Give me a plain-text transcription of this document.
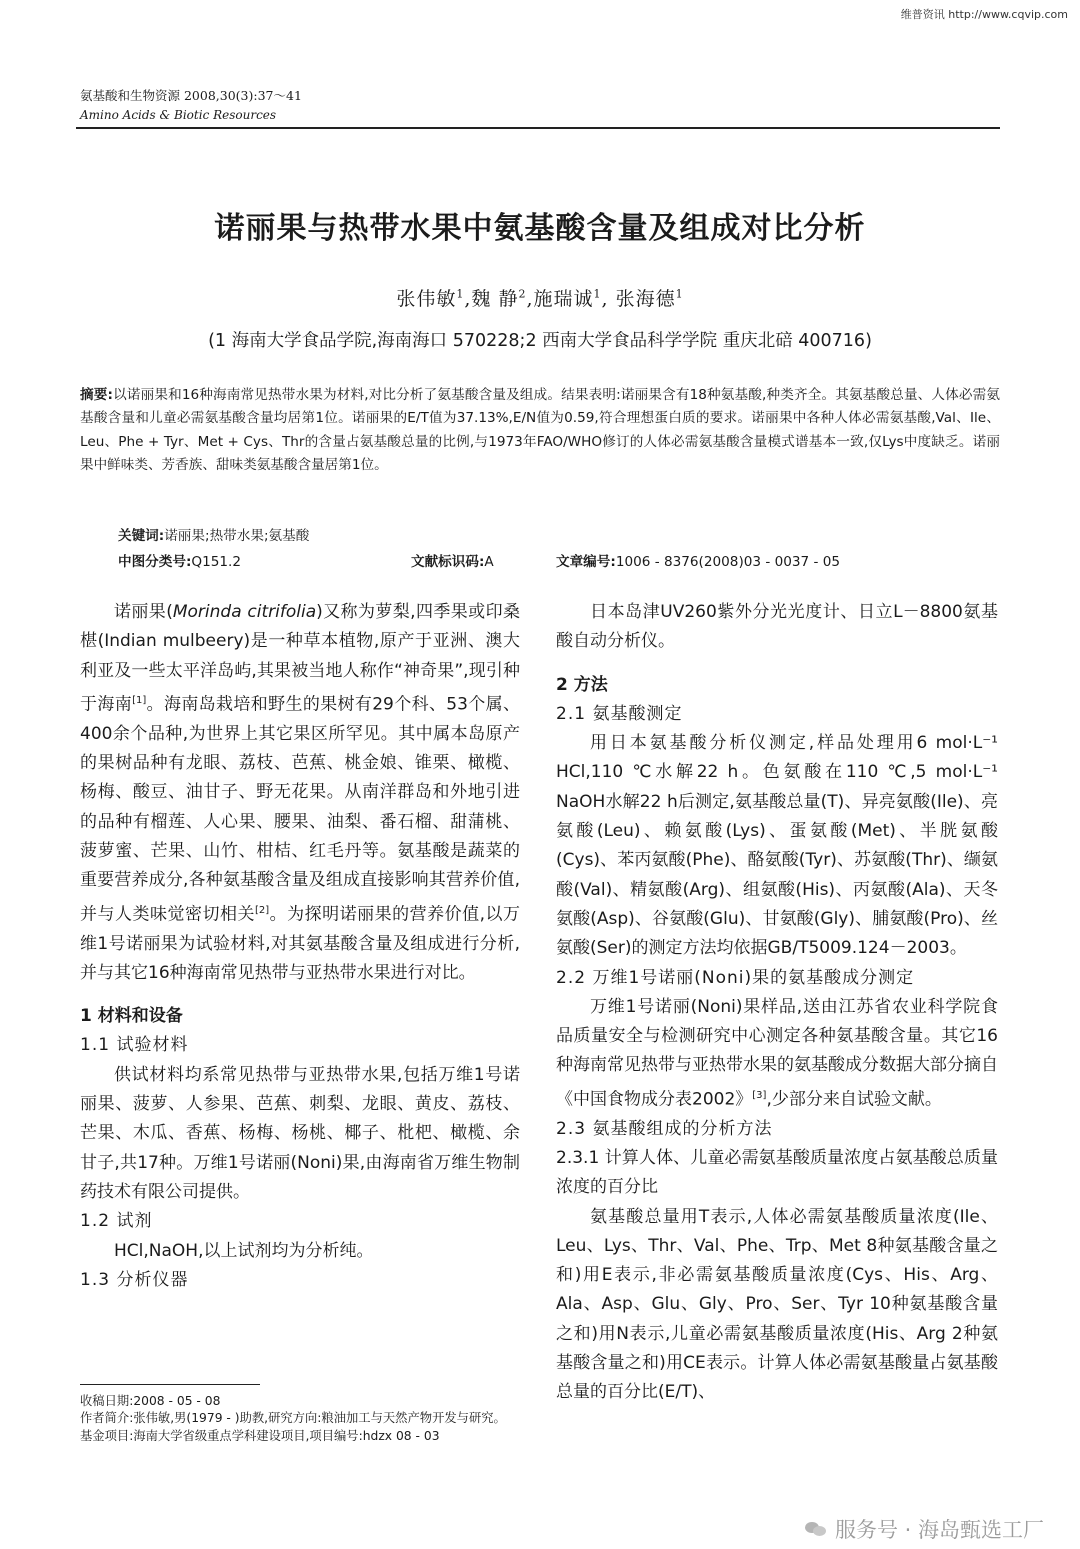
维普资讯 http://www.cqvip.com
氨基酸和生物资源 2008,30(3):37～41
Amino Acids & Biotic Resources
诺丽果与热带水果中氨基酸含量及组成对比分析
张伟敏$^1$,魏 静$^2$,施瑞诚$^1$, 张海德$^1$
(1 海南大学食品学院,海南海口 570228;2 西南大学食品科学学院 重庆北碚 400716)
摘要:以诺丽果和16种海南常见热带水果为材料,对比分析了氨基酸含量及组成。结果表明:诺丽果含有18种氨基酸,种类齐全。其氨基酸总量、人体必需氨基酸含量和儿童必需氨基酸含量均居第1位。诺丽果的E/T值为37.13%,E/N值为0.59,符合理想蛋白质的要求。诺丽果中各种人体必需氨基酸,Val、Ile、Leu、Phe + Tyr、Met + Cys、Thr的含量占氨基酸总量的比例,与1973年FAO/WHO修订的人体必需氨基酸含量模式谱基本一致,仅Lys中度缺乏。诺丽果中鲜味类、芳香族、甜味类氨基酸含量居第1位。
关键词:诺丽果;热带水果;氨基酸
中图分类号:Q151.2	文献标识码:A	文章编号:1006 - 8376(2008)03 - 0037 - 05

诺丽果(Morinda citrifolia)又称为萝梨,四季果或印桑椹(Indian mulbeery)是一种草本植物,原产于亚洲、澳大利亚及一些太平洋岛屿,其果被当地人称作“神奇果”,现引种于海南[1]。海南岛栽培和野生的果树有29个科、53个属、400余个品种,为世界上其它果区所罕见。其中属本岛原产的果树品种有龙眼、荔枝、芭蕉、桃金娘、锥栗、橄榄、杨梅、酸豆、油甘子、野无花果。从南洋群岛和外地引进的品种有榴莲、人心果、腰果、油梨、番石榴、甜蒲桃、菠萝蜜、芒果、山竹、柑桔、红毛丹等。氨基酸是蔬菜的重要营养成分,各种氨基酸含量及组成直接影响其营养价值,并与人类味觉密切相关[2]。为探明诺丽果的营养价值,以万维1号诺丽果为试验材料,对其氨基酸含量及组成进行分析,并与其它16种海南常见热带与亚热带水果进行对比。

1 材料和设备

1.1 试验材料

供试材料均系常见热带与亚热带水果,包括万维1号诺丽果、菠萝、人参果、芭蕉、刺梨、龙眼、黄皮、荔枝、芒果、木瓜、香蕉、杨梅、杨桃、椰子、枇杷、橄榄、余甘子,共17种。万维1号诺丽(Noni)果,由海南省万维生物制药技术有限公司提供。

1.2 试剂

HCl,NaOH,以上试剂均为分析纯。

1.3 分析仪器

日本岛津UV260紫外分光光度计、日立L－8800氨基酸自动分析仪。

2 方法

2.1 氨基酸测定

用日本氨基酸分析仪测定,样品处理用6 mol·L⁻¹ HCl,110 ℃水解22 h。色氨酸在110 ℃,5 mol·L⁻¹ NaOH水解22 h后测定,氨基酸总量(T)、异亮氨酸(Ile)、亮氨酸(Leu)、赖氨酸(Lys)、蛋氨酸(Met)、半胱氨酸(Cys)、苯丙氨酸(Phe)、酪氨酸(Tyr)、苏氨酸(Thr)、缬氨酸(Val)、精氨酸(Arg)、组氨酸(His)、丙氨酸(Ala)、天冬氨酸(Asp)、谷氨酸(Glu)、甘氨酸(Gly)、脯氨酸(Pro)、丝氨酸(Ser)的测定方法均依据GB/T5009.124－2003。

2.2 万维1号诺丽(Noni)果的氨基酸成分测定

万维1号诺丽(Noni)果样品,送由江苏省农业科学院食品质量安全与检测研究中心测定各种氨基酸含量。其它16种海南常见热带与亚热带水果的氨基酸成分数据大部分摘自《中国食物成分表2002》[3],少部分来自试验文献。

2.3 氨基酸组成的分析方法

2.3.1 计算人体、儿童必需氨基酸质量浓度占氨基酸总质量浓度的百分比

氨基酸总量用T表示,人体必需氨基酸质量浓度(Ile、Leu、Lys、Thr、Val、Phe、Trp、Met 8种氨基酸含量之和)用E表示,非必需氨基酸质量浓度(Cys、His、Arg、Ala、Asp、Glu、Gly、Pro、Ser、Tyr 10种氨基酸含量之和)用N表示,儿童必需氨基酸质量浓度(His、Arg 2种氨基酸含量之和)用CE表示。计算人体必需氨基酸量占氨基酸总量的百分比(E/T)、

收稿日期:2008 - 05 - 08

作者简介:张伟敏,男(1979 - )助教,研究方向:粮油加工与天然产物开发与研究。

基金项目:海南大学省级重点学科建设项目,项目编号:hdzx 08 - 03

服务号 · 海岛甄选工厂
